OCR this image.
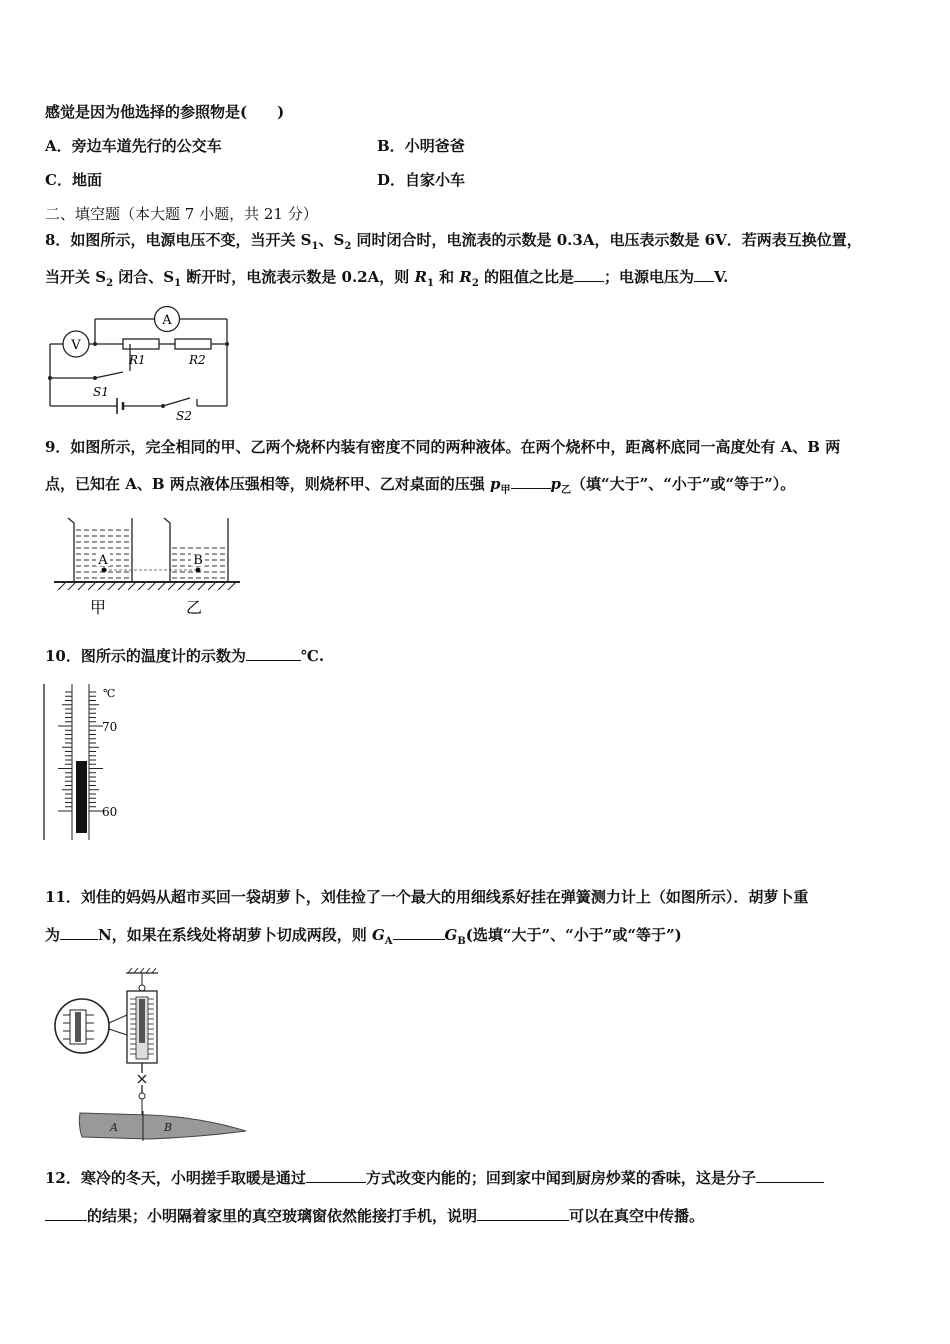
感觉是因为他选择的参照物是(　　)
A．旁边车道先行的公交车	B．小明爸爸
C．地面	D．自家小车
二、填空题（本大题 7 小题，共 21 分）
8．如图所示，电源电压不变，当开关 $S_1$、$S_2$ 同时闭合时，电流表的示数是 0.3A，电压表示数是 6V．若两表互换位置，
当开关 $S_2$ 闭合、$S_1$ 断开时，电流表示数是 0.2A，则 $R_1$ 和 $R_2$ 的阻值之比是 ；电源电压为 V.
A
V
R1	R2
S1
S2
9．如图所示，完全相同的甲、乙两个烧杯内装有密度不同的两种液体。在两个烧杯中，距离杯底同一高度处有 A、B 两
点，已知在 A、B 两点液体压强相等，则烧杯甲、乙对桌面的压强 $p_甲$	$p_乙$（填“大于”、“小于”或“等于”）。
A	B
甲	乙
10．图所示的温度计的示数为	℃.
℃
70
60
11．刘佳的妈妈从超市买回一袋胡萝卜，刘佳捡了一个最大的用细线系好挂在弹簧测力计上（如图所示）．胡萝卜重
为	N，如果在系线处将胡萝卜切成两段，则 $G_A$	$G_B$(选填“大于”、“小于”或“等于”)
A	B
12．寒冷的冬天，小明搓手取暖是通过	方式改变内能的；回到家中闻到厨房炒菜的香味，这是分子
的结果；小明隔着家里的真空玻璃窗依然能接打手机，说明	可以在真空中传播。
